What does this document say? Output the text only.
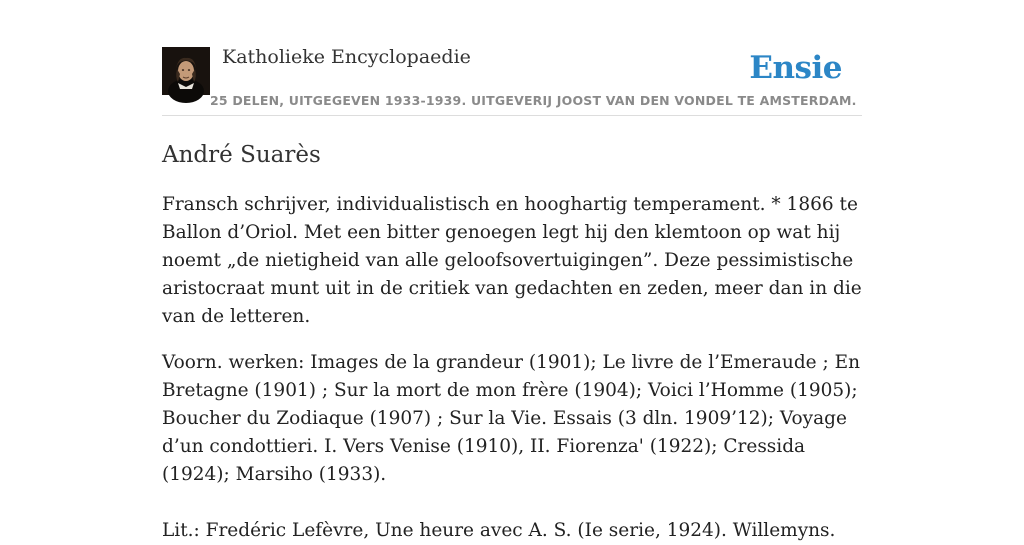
Katholieke Encyclopaedie
25 DELEN, UITGEGEVEN 1933-1939. UITGEVERIJ JOOST VAN DEN VONDEL TE AMSTERDAM.
Ensie
André Suarès

Fransch schrijver, individualistisch en hooghartig temperament. * 1866 te Ballon d’Oriol. Met een bitter genoegen legt hij den klemtoon op wat hij noemt „de nietigheid van alle geloofsovertuigingen”. Deze pessimistische aristocraat munt uit in de critiek van gedachten en zeden, meer dan in die van de letteren.

Voorn. werken: Images de la grandeur (1901); Le livre de l’Emeraude ; En Bretagne (1901) ; Sur la mort de mon frère (1904); Voici l’Homme (1905); Boucher du Zodiaque (1907) ; Sur la Vie. Essais (3 dln. 1909’12); Voyage d’un condottieri. I. Vers Venise (1910), II. Fiorenza' (1922); Cressida (1924); Marsiho (1933).

Lit.: Fredéric Lefèvre, Une heure avec A. S. (Ie serie, 1924). Willemyns.
